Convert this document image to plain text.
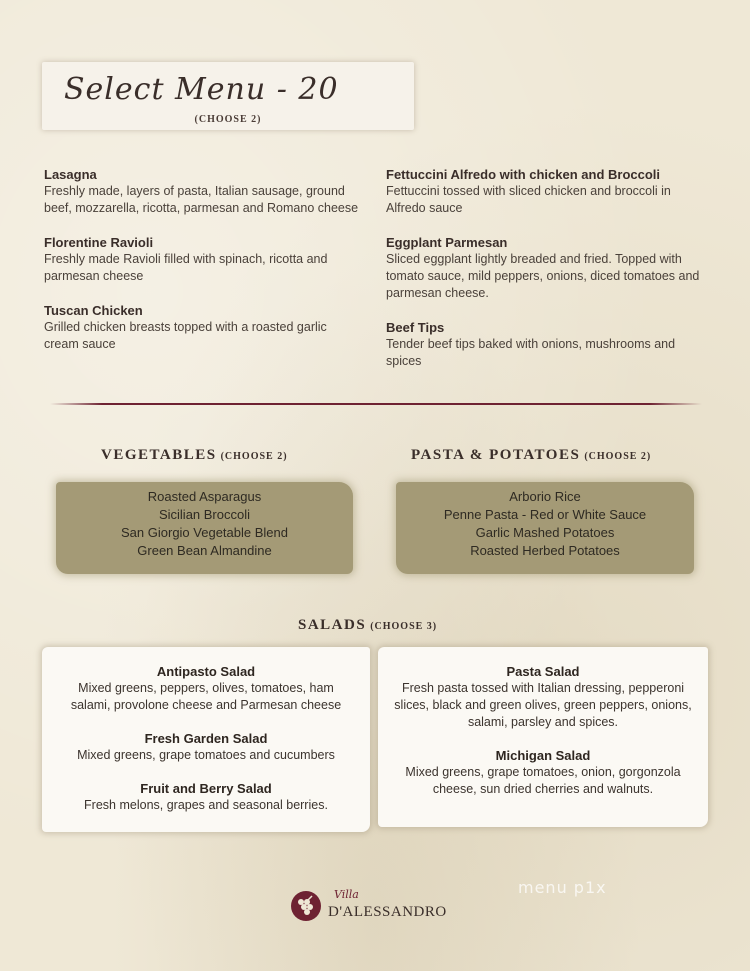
Select Menu - 20
(CHOOSE 2)
Lasagna
Freshly made, layers of pasta, Italian sausage, ground beef, mozzarella, ricotta, parmesan and Romano cheese
Florentine Ravioli
Freshly made Ravioli filled with spinach, ricotta and parmesan cheese
Tuscan Chicken
Grilled chicken breasts topped with a roasted garlic cream sauce
Fettuccini Alfredo with chicken and Broccoli
Fettuccini tossed with sliced chicken and broccoli in Alfredo sauce
Eggplant Parmesan
Sliced eggplant lightly breaded and fried. Topped with tomato sauce, mild peppers, onions, diced tomatoes and parmesan cheese.
Beef Tips
Tender beef tips baked with onions, mushrooms and spices
VEGETABLES (CHOOSE 2)
Roasted Asparagus
Sicilian Broccoli
San Giorgio Vegetable Blend
Green Bean Almandine
PASTA & POTATOES (CHOOSE 2)
Arborio Rice
Penne Pasta - Red or White Sauce
Garlic Mashed Potatoes
Roasted Herbed Potatoes
SALADS (CHOOSE 3)
Antipasto Salad
Mixed greens, peppers, olives, tomatoes, ham salami, provolone cheese and Parmesan cheese
Fresh Garden Salad
Mixed greens, grape tomatoes and cucumbers
Fruit and Berry Salad
Fresh melons, grapes and seasonal berries.
Pasta Salad
Fresh pasta tossed with Italian dressing, pepperoni slices, black and green olives, green peppers, onions, salami, parsley and spices.
Michigan Salad
Mixed greens, grape tomatoes, onion, gorgonzola cheese, sun dried cherries and walnuts.
Villa
D'ALESSANDRO
menu p1x
